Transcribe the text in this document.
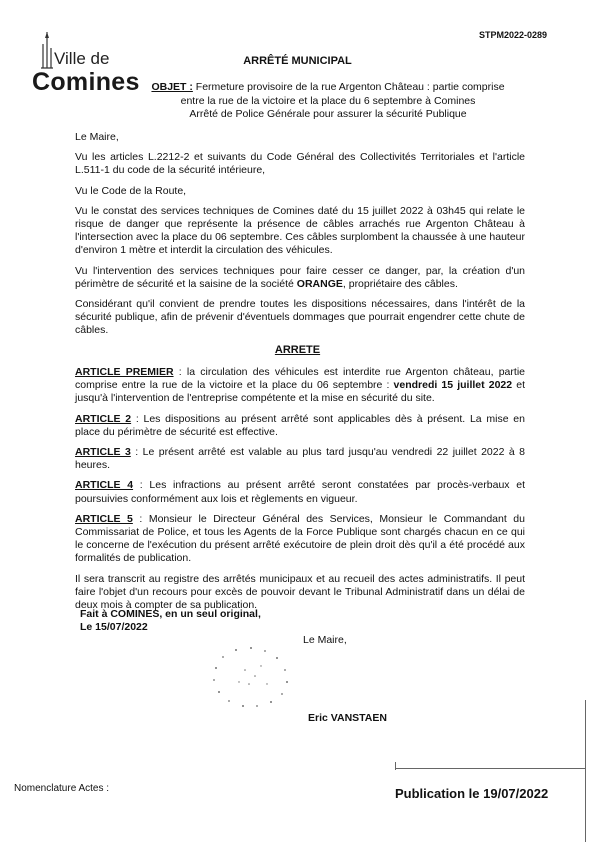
Ville de
Comines
STPM2022-0289
ARRÊTÉ MUNICIPAL
OBJET : Fermeture provisoire de la rue Argenton Château : partie comprise
entre la rue de la victoire et la place du 6 septembre à Comines
Arrêté de Police Générale pour assurer la sécurité Publique

Le Maire,

Vu les articles L.2212-2 et suivants du Code Général des Collectivités Territoriales et l'article L.511-1 du code de la sécurité intérieure,

Vu le Code de la Route,

Vu le constat des services techniques de Comines daté du 15 juillet 2022 à 03h45 qui relate le risque de danger que représente la présence de câbles arrachés rue Argenton Château à l'intersection avec la place du 06 septembre. Ces câbles surplombent la chaussée à une hauteur d'environ 1 mètre et interdit la circulation des véhicules.

Vu l'intervention des services techniques pour faire cesser ce danger, par, la création d'un périmètre de sécurité et la saisine de la société ORANGE, propriétaire des câbles.

Considérant qu'il convient de prendre toutes les dispositions nécessaires, dans l'intérêt de la sécurité publique, afin de prévenir d'éventuels dommages que pourrait engendrer cette chute de câbles.

ARRETE

ARTICLE PREMIER : la circulation des véhicules est interdite rue Argenton château, partie comprise entre la rue de la victoire et la place du 06 septembre : vendredi 15 juillet 2022 et jusqu'à l'intervention de l'entreprise compétente et la mise en sécurité du site.

ARTICLE 2 : Les dispositions au présent arrêté sont applicables dès à présent. La mise en place du périmètre de sécurité est effective.

ARTICLE 3 : Le présent arrêté est valable au plus tard jusqu'au vendredi 22 juillet 2022 à 8 heures.

ARTICLE 4 : Les infractions au présent arrêté seront constatées par procès-verbaux et poursuivies conformément aux lois et règlements en vigueur.

ARTICLE 5 : Monsieur le Directeur Général des Services, Monsieur le Commandant du Commissariat de Police, et tous les Agents de la Force Publique sont chargés chacun en ce qui le concerne de l'exécution du présent arrêté exécutoire de plein droit dès qu'il a été procédé aux formalités de publication.

Il sera transcrit au registre des arrêtés municipaux et au recueil des actes administratifs. Il peut faire l'objet d'un recours pour excès de pouvoir devant le Tribunal Administratif dans un délai de deux mois à compter de sa publication.

Fait à COMINES, en un seul original,
Le 15/07/2022
Le Maire,
Eric VANSTAEN
Nomenclature Actes :	Publication le 19/07/2022
